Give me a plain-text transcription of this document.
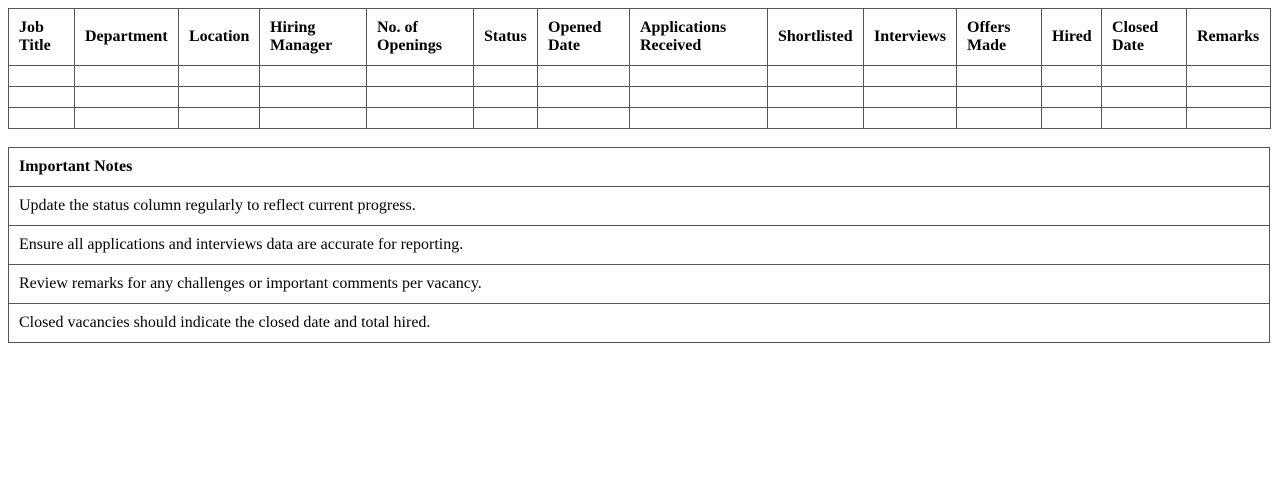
Job Title	Department	Location	Hiring Manager	No. of Openings	Status	Opened Date	Applications Received	Shortlisted	Interviews	Offers Made	Hired	Closed Date	Remarks

Important Notes
Update the status column regularly to reflect current progress.
Ensure all applications and interviews data are accurate for reporting.
Review remarks for any challenges or important comments per vacancy.
Closed vacancies should indicate the closed date and total hired.
